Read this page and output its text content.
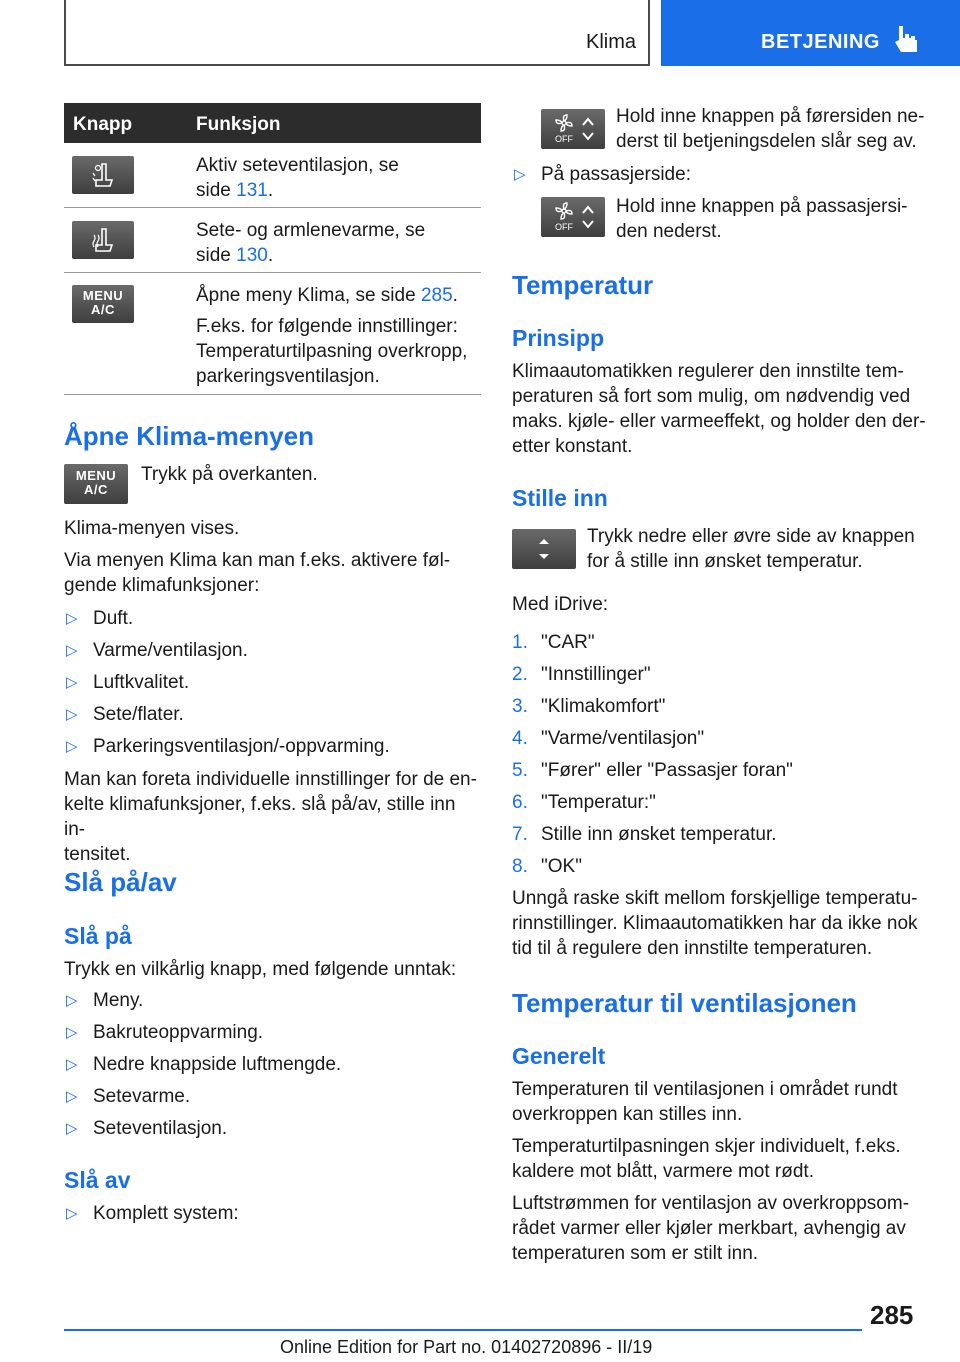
Klima	BETJENING
Knapp	Funksjon

Aktiv seteventilasjon, se
side 131.

Sete- og armlenevarme, se
side 130.

MENU
A/C

Åpne meny Klima, se side 285.

F.eks. for følgende innstillinger:
Temperaturtilpasning overkropp,
parkeringsventilasjon.

Åpne Klima-menyen
MENU
A/C
Trykk på overkanten.
Klima-menyen vises.
Via menyen Klima kan man f.eks. aktivere føl-
gende klimafunksjoner:
▷ Duft.
▷ Varme/ventilasjon.
▷ Luftkvalitet.
▷ Sete/flater.
▷ Parkeringsventilasjon/-oppvarming.
Man kan foreta individuelle innstillinger for de en-
kelte klimafunksjoner, f.eks. slå på/av, stille inn in-
tensitet.
Slå på/av
Slå på
Trykk en vilkårlig knapp, med følgende unntak:
▷ Meny.
▷ Bakruteoppvarming.
▷ Nedre knappside luftmengde.
▷ Setevarme.
▷ Seteventilasjon.
Slå av
▷ Komplett system:
OFF
Hold inne knappen på førersiden ne-
derst til betjeningsdelen slår seg av.
▷ På passasjerside:
OFF
Hold inne knappen på passasjersi-
den nederst.
Temperatur
Prinsipp
Klimaautomatikken regulerer den innstilte tem-
peraturen så fort som mulig, om nødvendig ved
maks. kjøle- eller varmeeffekt, og holder den der-
etter konstant.
Stille inn
Trykk nedre eller øvre side av knappen
for å stille inn ønsket temperatur.
Med iDrive:
1. "CAR"
2. "Innstillinger"
3. "Klimakomfort"
4. "Varme/ventilasjon"
5. "Fører" eller "Passasjer foran"
6. "Temperatur:"
7. Stille inn ønsket temperatur.
8. "OK"
Unngå raske skift mellom forskjellige temperatu-
rinnstillinger. Klimaautomatikken har da ikke nok
tid til å regulere den innstilte temperaturen.
Temperatur til ventilasjonen
Generelt
Temperaturen til ventilasjonen i området rundt
overkroppen kan stilles inn.
Temperaturtilpasningen skjer individuelt, f.eks.
kaldere mot blått, varmere mot rødt.
Luftstrømmen for ventilasjon av overkroppsom-
rådet varmer eller kjøler merkbart, avhengig av
temperaturen som er stilt inn.
285
Online Edition for Part no. 01402720896 - II/19
